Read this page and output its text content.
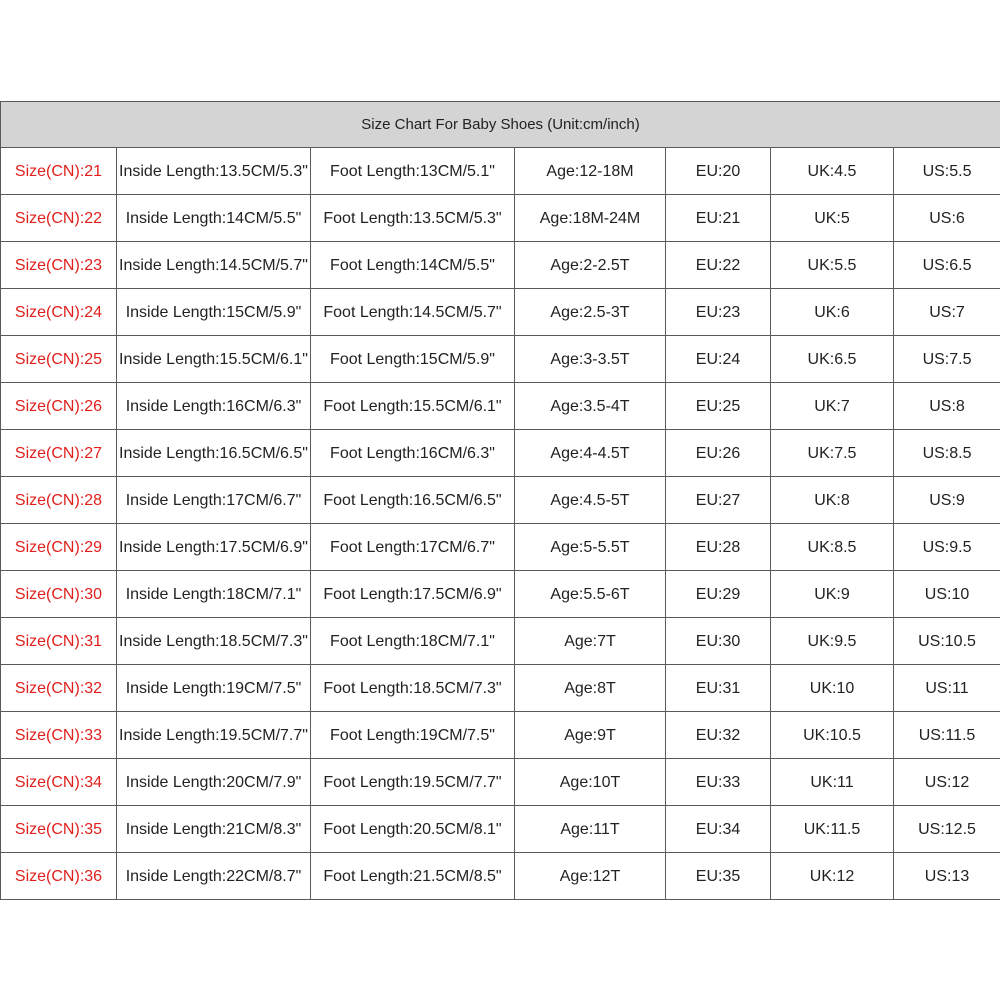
Size Chart For Baby Shoes (Unit:cm/inch)						
Size(CN):21	Inside Length:13.5CM/5.3"	Foot Length:13CM/5.1"	Age:12-18M	EU:20	UK:4.5	US:5.5
Size(CN):22	Inside Length:14CM/5.5"	Foot Length:13.5CM/5.3"	Age:18M-24M	EU:21	UK:5	US:6
Size(CN):23	Inside Length:14.5CM/5.7"	Foot Length:14CM/5.5"	Age:2-2.5T	EU:22	UK:5.5	US:6.5
Size(CN):24	Inside Length:15CM/5.9"	Foot Length:14.5CM/5.7"	Age:2.5-3T	EU:23	UK:6	US:7
Size(CN):25	Inside Length:15.5CM/6.1"	Foot Length:15CM/5.9"	Age:3-3.5T	EU:24	UK:6.5	US:7.5
Size(CN):26	Inside Length:16CM/6.3"	Foot Length:15.5CM/6.1"	Age:3.5-4T	EU:25	UK:7	US:8
Size(CN):27	Inside Length:16.5CM/6.5"	Foot Length:16CM/6.3"	Age:4-4.5T	EU:26	UK:7.5	US:8.5
Size(CN):28	Inside Length:17CM/6.7"	Foot Length:16.5CM/6.5"	Age:4.5-5T	EU:27	UK:8	US:9
Size(CN):29	Inside Length:17.5CM/6.9"	Foot Length:17CM/6.7"	Age:5-5.5T	EU:28	UK:8.5	US:9.5
Size(CN):30	Inside Length:18CM/7.1"	Foot Length:17.5CM/6.9"	Age:5.5-6T	EU:29	UK:9	US:10
Size(CN):31	Inside Length:18.5CM/7.3"	Foot Length:18CM/7.1"	Age:7T	EU:30	UK:9.5	US:10.5
Size(CN):32	Inside Length:19CM/7.5"	Foot Length:18.5CM/7.3"	Age:8T	EU:31	UK:10	US:11
Size(CN):33	Inside Length:19.5CM/7.7"	Foot Length:19CM/7.5"	Age:9T	EU:32	UK:10.5	US:11.5
Size(CN):34	Inside Length:20CM/7.9"	Foot Length:19.5CM/7.7"	Age:10T	EU:33	UK:11	US:12
Size(CN):35	Inside Length:21CM/8.3"	Foot Length:20.5CM/8.1"	Age:11T	EU:34	UK:11.5	US:12.5
Size(CN):36	Inside Length:22CM/8.7"	Foot Length:21.5CM/8.5"	Age:12T	EU:35	UK:12	US:13
